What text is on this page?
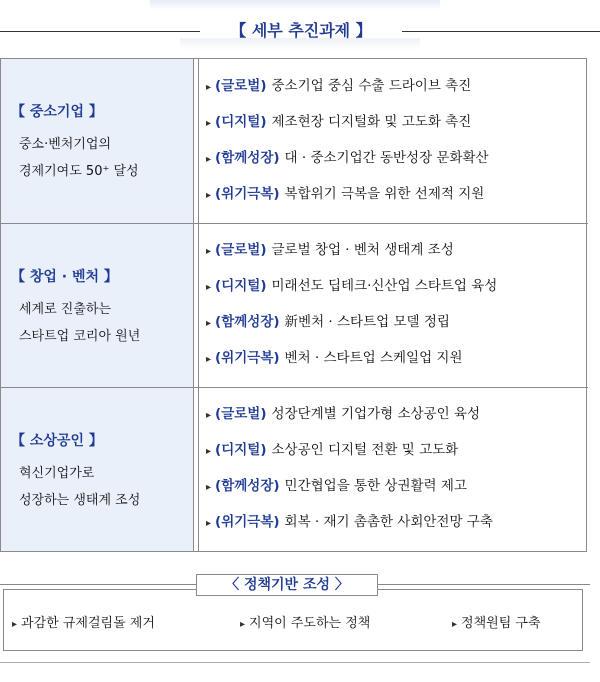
【 세부 추진과제 】
【 중소기업 】
중소·벤처기업의
경제기여도 50⁺ 달성
▸ (글로벌) 중소기업 중심 수출 드라이브 촉진
▸ (디지털) 제조현장 디지털화 및 고도화 촉진
▸ (함께성장) 대 · 중소기업간 동반성장 문화확산
▸ (위기극복) 복합위기 극복을 위한 선제적 지원
【 창업 · 벤처 】
세계로 진출하는
스타트업 코리아 원년
▸ (글로벌) 글로벌 창업 · 벤처 생태계 조성
▸ (디지털) 미래선도 딥테크·신산업 스타트업 육성
▸ (함께성장) 新벤처 · 스타트업 모델 정립
▸ (위기극복) 벤처 · 스타트업 스케일업 지원
【 소상공인 】
혁신기업가로
성장하는 생태계 조성
▸ (글로벌) 성장단계별 기업가형 소상공인 육성
▸ (디지털) 소상공인 디지털 전환 및 고도화
▸ (함께성장) 민간협업을 통한 상권활력 제고
▸ (위기극복) 회복 · 재기 촘촘한 사회안전망 구축
〈 정책기반 조성 〉
▸ 과감한 규제걸림돌 제거	▸ 지역이 주도하는 정책	▸ 정책원팀 구축
